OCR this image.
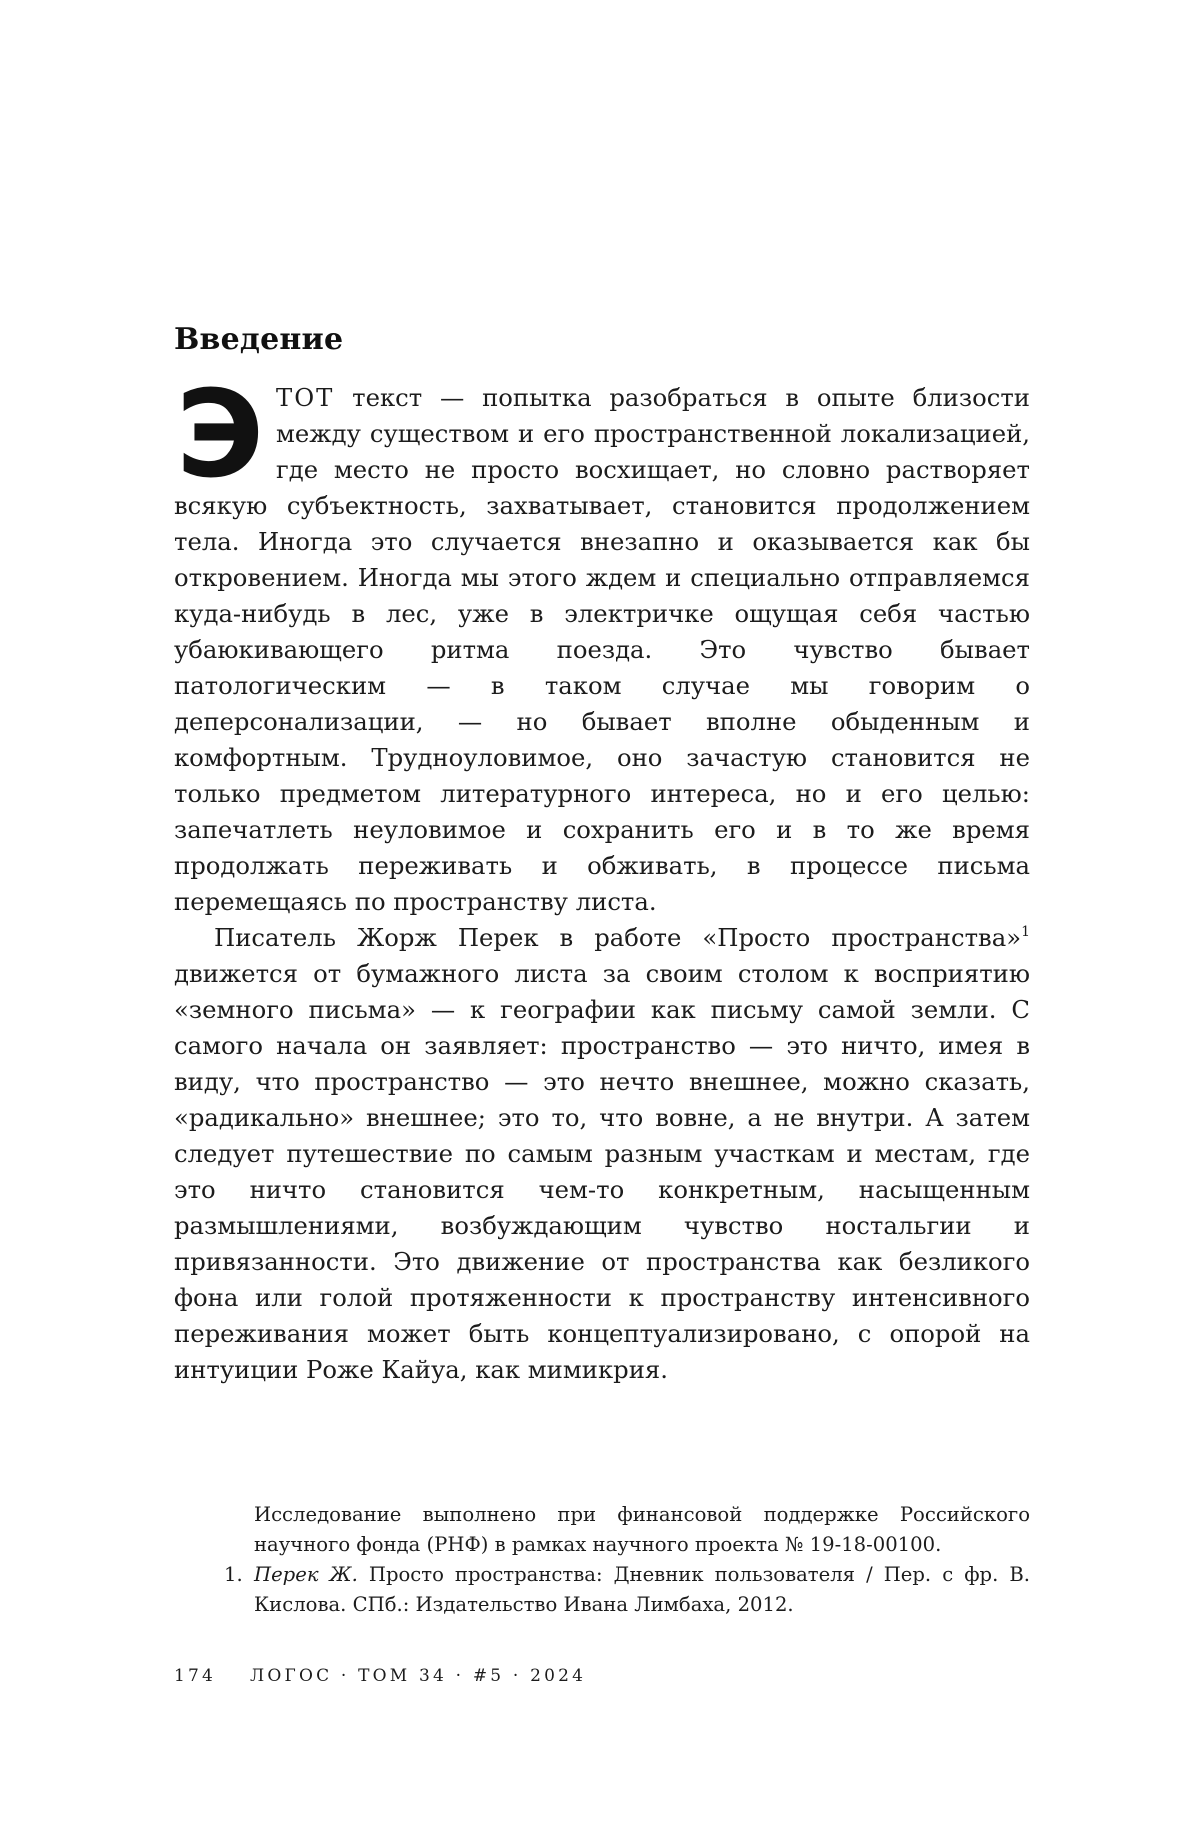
Введение

Э ТОТ текст — попытка разобраться в опыте близости между существом и его пространственной локализацией, где место не просто восхищает, но словно растворяет всякую субъектность, захватывает, становится продолжением тела. Иногда это случается внезапно и оказывается как бы откровением. Иногда мы этого ждем и специально отправляемся куда-нибудь в лес, уже в электричке ощущая себя частью убаюкивающего ритма поезда. Это чувство бывает патологическим — в таком случае мы говорим о деперсонализации, — но бывает вполне обыденным и комфортным. Трудноуловимое, оно зачастую становится не только предметом литературного интереса, но и его целью: запечатлеть неуловимое и сохранить его и в то же время продолжать переживать и обживать, в процессе письма перемещаясь по пространству листа.

Писатель Жорж Перек в работе «Просто пространства»$^1$ движется от бумажного листа за своим столом к восприятию «земного письма» — к географии как письму самой земли. С самого начала он заявляет: пространство — это ничто, имея в виду, что пространство — это нечто внешнее, можно сказать, «радикально» внешнее; это то, что вовне, а не внутри. А затем следует путешествие по самым разным участкам и местам, где это ничто становится чем-то конкретным, насыщенным размышлениями, возбуждающим чувство ностальгии и привязанности. Это движение от пространства как безликого фона или голой протяженности к пространству интенсивного переживания может быть концептуализировано, с опорой на интуиции Роже Кайуа, как мимикрия.

Исследование выполнено при финансовой поддержке Российского научного фонда (РНФ) в рамках научного проекта № 19-18-00100.

1. Перек Ж. Просто пространства: Дневник пользователя / Пер. с фр. В. Кислова. СПб.: Издательство Ивана Лимбаха, 2012.

174 ЛОГОС · ТОМ 34 · #5 · 2024
